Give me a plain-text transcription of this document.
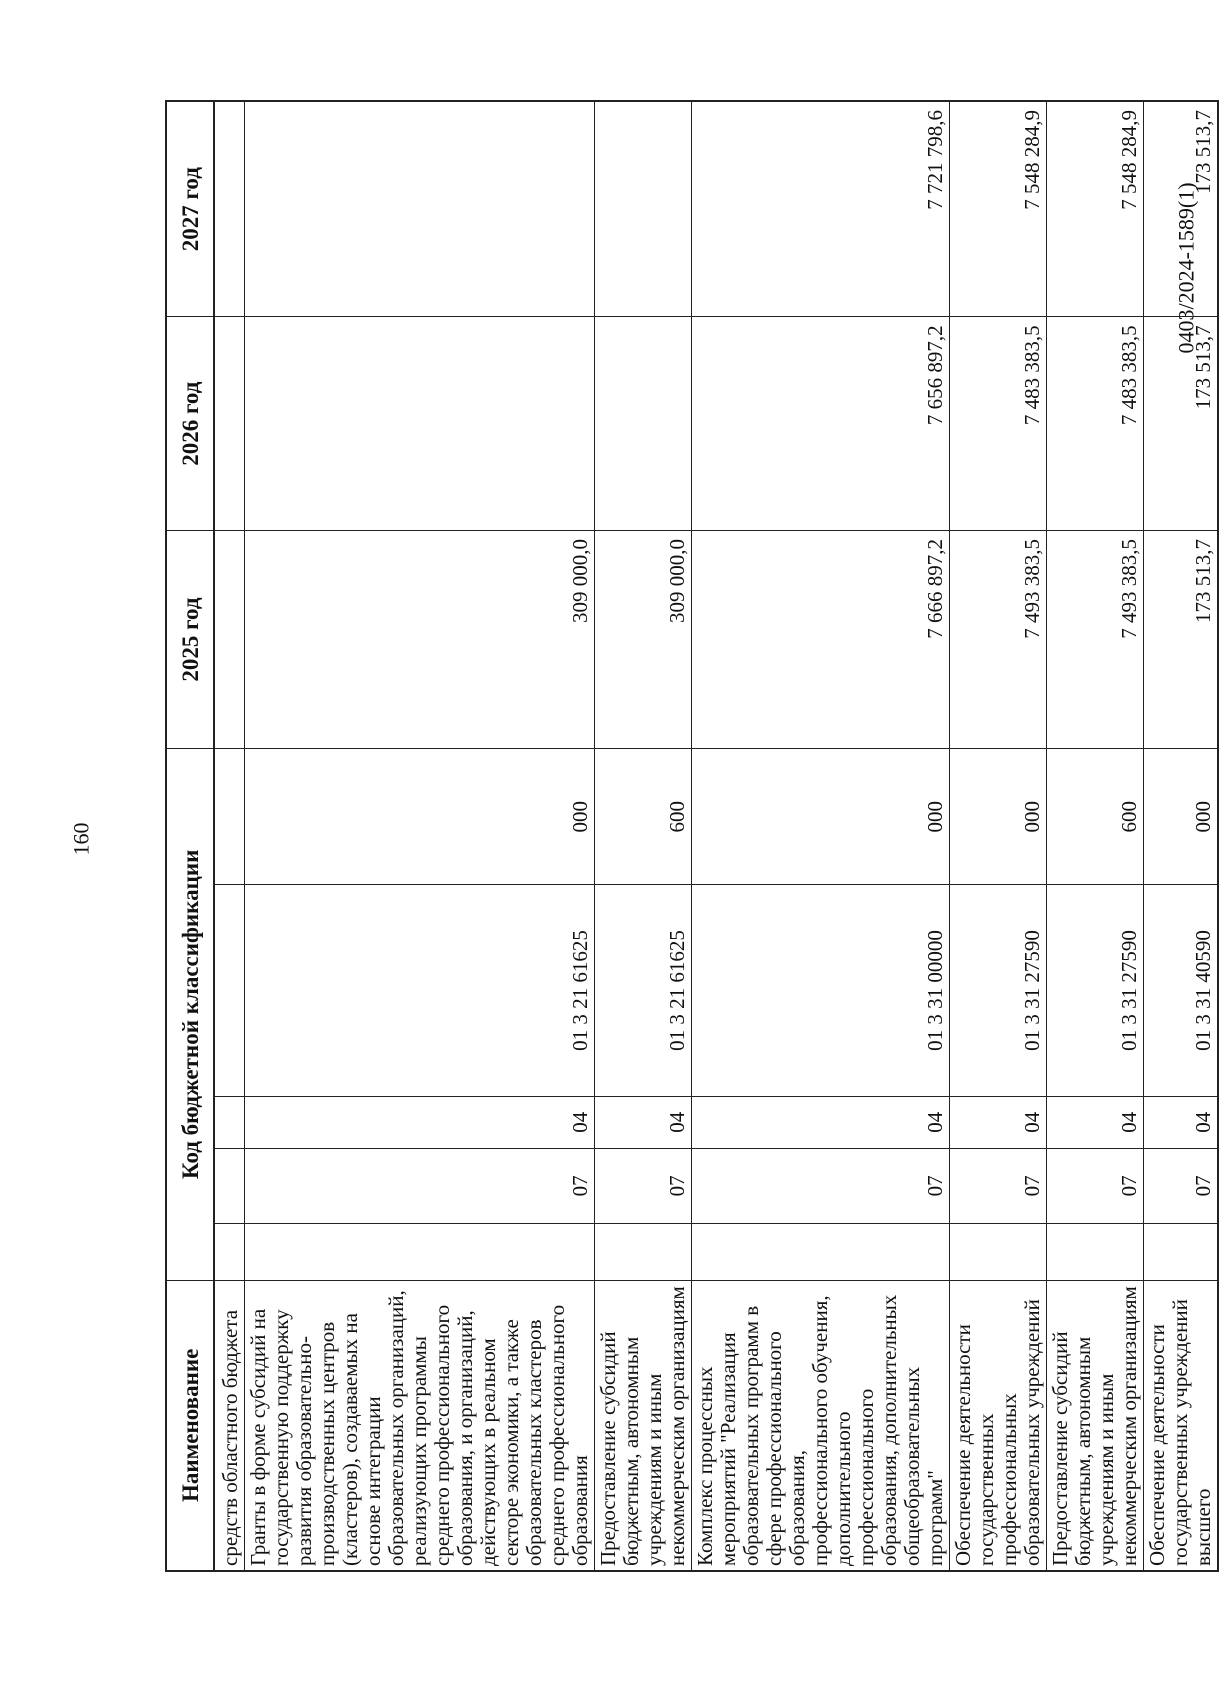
160
0403/2024-1589(1)
Наименование	Код бюджетной классификации					2025 год	2026 год	2027 год
средств областного бюджета								
Гранты в форме субсидий на государственную поддержку развития образовательно-производственных центров (кластеров), создаваемых на основе интеграции образовательных организаций, реализующих программы среднего профессионального образования, и организаций, действующих в реальном секторе экономики, а также образовательных кластеров среднего профессионального образования		07	04	01 3 21 61625	000	309 000,0		
Предоставление субсидий бюджетным, автономным учреждениям и иным некоммерческим организациям		07	04	01 3 21 61625	600	309 000,0		
Комплекс процессных мероприятий "Реализация образовательных программ в сфере профессионального образования, профессионального обучения, дополнительного профессионального образования, дополнительных общеобразовательных программ"		07	04	01 3 31 00000	000	7 666 897,2	7 656 897,2	7 721 798,6
Обеспечение деятельности государственных профессиональных образовательных учреждений		07	04	01 3 31 27590	000	7 493 383,5	7 483 383,5	7 548 284,9
Предоставление субсидий бюджетным, автономным учреждениям и иным некоммерческим организациям		07	04	01 3 31 27590	600	7 493 383,5	7 483 383,5	7 548 284,9
Обеспечение деятельности государственных учреждений высшего		07	04	01 3 31 40590	000	173 513,7	173 513,7	173 513,7
